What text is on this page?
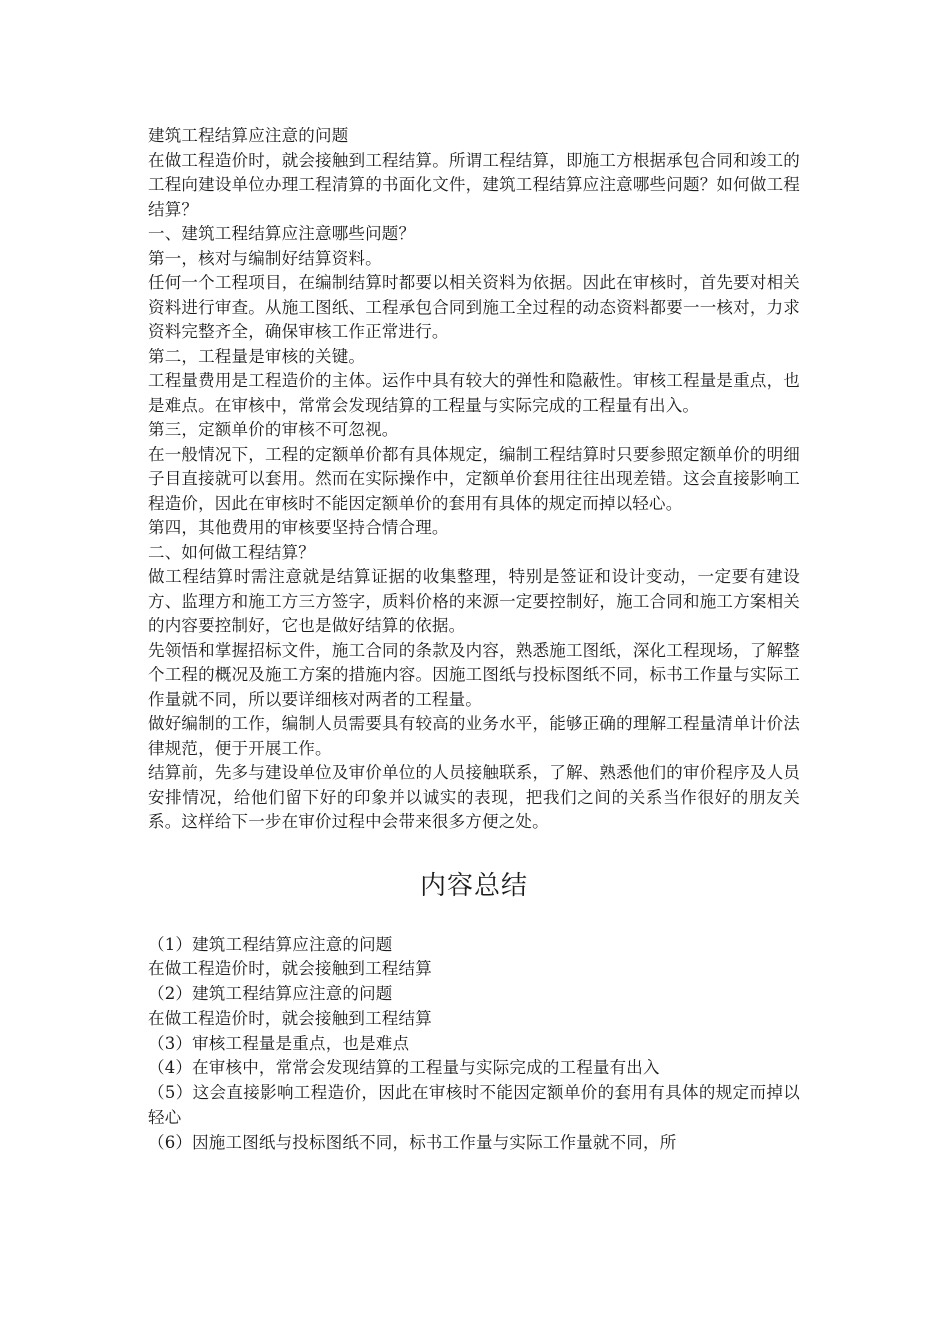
建筑工程结算应注意的问题

在做工程造价时，就会接触到工程结算。所谓工程结算，即施工方根据承包合同和竣工的工程向建设单位办理工程清算的书面化文件，建筑工程结算应注意哪些问题？如何做工程结算？

一、建筑工程结算应注意哪些问题？

第一，核对与编制好结算资料。

任何一个工程项目，在编制结算时都要以相关资料为依据。因此在审核时，首先要对相关资料进行审查。从施工图纸、工程承包合同到施工全过程的动态资料都要一一核对，力求资料完整齐全，确保审核工作正常进行。

第二，工程量是审核的关键。

工程量费用是工程造价的主体。运作中具有较大的弹性和隐蔽性。审核工程量是重点，也是难点。在审核中，常常会发现结算的工程量与实际完成的工程量有出入。

第三，定额单价的审核不可忽视。

在一般情况下，工程的定额单价都有具体规定，编制工程结算时只要参照定额单价的明细子目直接就可以套用。然而在实际操作中，定额单价套用往往出现差错。这会直接影响工程造价，因此在审核时不能因定额单价的套用有具体的规定而掉以轻心。

第四，其他费用的审核要坚持合情合理。

二、如何做工程结算？

做工程结算时需注意就是结算证据的收集整理，特别是签证和设计变动，一定要有建设方、监理方和施工方三方签字，质料价格的来源一定要控制好，施工合同和施工方案相关的内容要控制好，它也是做好结算的依据。

先领悟和掌握招标文件，施工合同的条款及内容，熟悉施工图纸，深化工程现场，了解整个工程的概况及施工方案的措施内容。因施工图纸与投标图纸不同，标书工作量与实际工作量就不同，所以要详细核对两者的工程量。

做好编制的工作，编制人员需要具有较高的业务水平，能够正确的理解工程量清单计价法律规范，便于开展工作。

结算前，先多与建设单位及审价单位的人员接触联系，了解、熟悉他们的审价程序及人员安排情况，给他们留下好的印象并以诚实的表现，把我们之间的关系当作很好的朋友关系。这样给下一步在审价过程中会带来很多方便之处。

内容总结

（1）建筑工程结算应注意的问题

在做工程造价时，就会接触到工程结算

（2）建筑工程结算应注意的问题

在做工程造价时，就会接触到工程结算

（3）审核工程量是重点，也是难点

（4）在审核中，常常会发现结算的工程量与实际完成的工程量有出入

（5）这会直接影响工程造价，因此在审核时不能因定额单价的套用有具体的规定而掉以轻心

（6）因施工图纸与投标图纸不同，标书工作量与实际工作量就不同，所
